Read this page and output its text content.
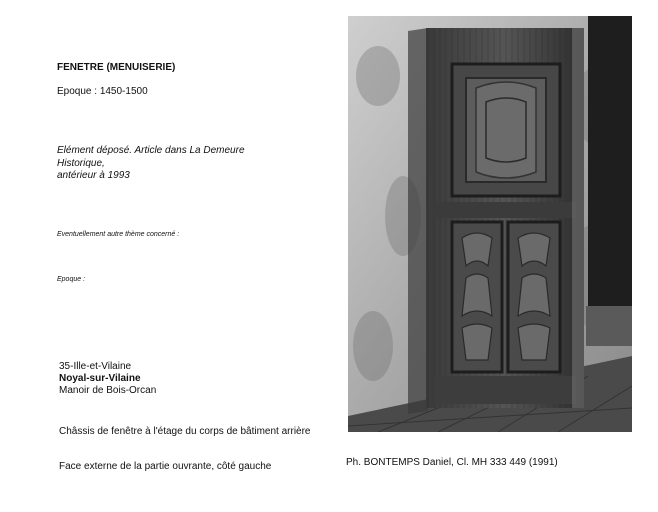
FENETRE (MENUISERIE)
Epoque : 1450-1500
Elément déposé. Article dans La Demeure Historique,
antérieur à 1993
Eventuellement autre thème concerné :
Epoque :
35-Ille-et-Vilaine
Noyal-sur-Vilaine
Manoir de Bois-Orcan
Châssis de fenêtre à l'étage du corps de bâtiment arrière
Face externe de la partie ouvrante, côté gauche	Ph. BONTEMPS Daniel, Cl. MH 333 449 (1991)
